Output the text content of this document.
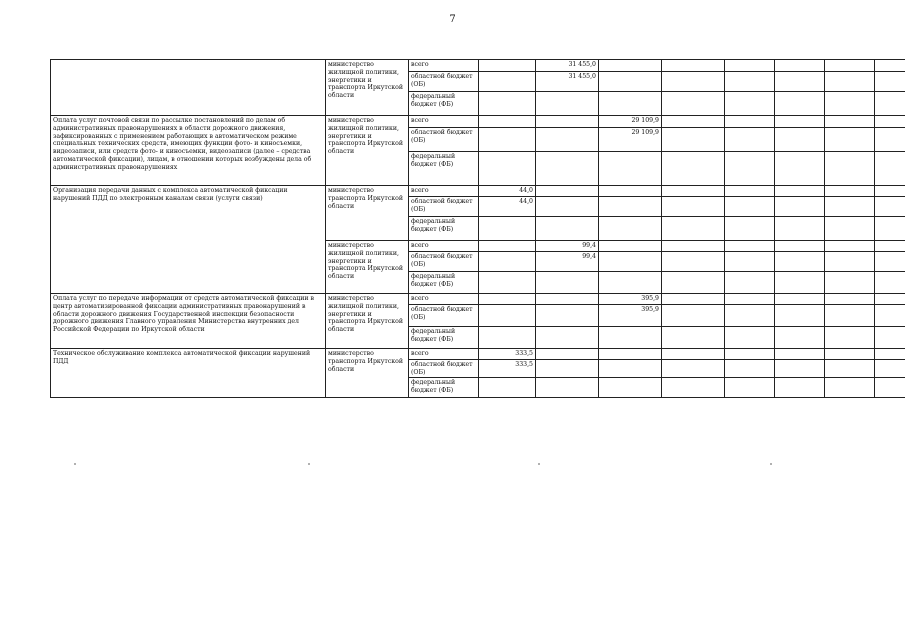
7
	министерство жилищной политики, энергетики и транспорта Иркутской области	всего		31 455,0						
		областной бюджет (ОБ)		31 455,0						
		федеральный бюджет (ФБ)								
Оплата услуг почтовой связи по рассылке постановлений по делам об административных правонарушениях в области дорожного движения, зафиксированных с применением работающих в автоматическом режиме специальных технических средств, имеющих функции фото- и киносъемки, видеозаписи, или средств фото- и киносъемки, видеозаписи (далее – средства автоматической фиксации), лицам, в отношении которых возбуждены дела об административных правонарушениях	министерство жилищной политики, энергетики и транспорта Иркутской области	всего			29 109,9					
		областной бюджет (ОБ)			29 109,9					
		федеральный бюджет (ФБ)								
Организация передачи данных с комплекса автоматической фиксации нарушений ПДД по электронным каналам связи (услуги связи)	министерство транспорта Иркутской области	всего	44,0							
		областной бюджет (ОБ)	44,0							
		федеральный бюджет (ФБ)								
	министерство жилищной политики, энергетики и транспорта Иркутской области	всего		99,4						
		областной бюджет (ОБ)		99,4						
		федеральный бюджет (ФБ)								
Оплата услуг по передаче информации от средств автоматической фиксации в центр автоматизированной фиксации административных правонарушений в области дорожного движения Государственной инспекции безопасности дорожного движения Главного управления Министерства внутренних дел Российской Федерации по Иркутской области	министерство жилищной политики, энергетики и транспорта Иркутской области	всего			395,9					
		областной бюджет (ОБ)			395,9					
		федеральный бюджет (ФБ)								
Техническое обслуживание комплекса автоматической фиксации нарушений ПДД	министерство транспорта Иркутской области	всего	333,5							
		областной бюджет (ОБ)	333,5							
		федеральный бюджет (ФБ)								
